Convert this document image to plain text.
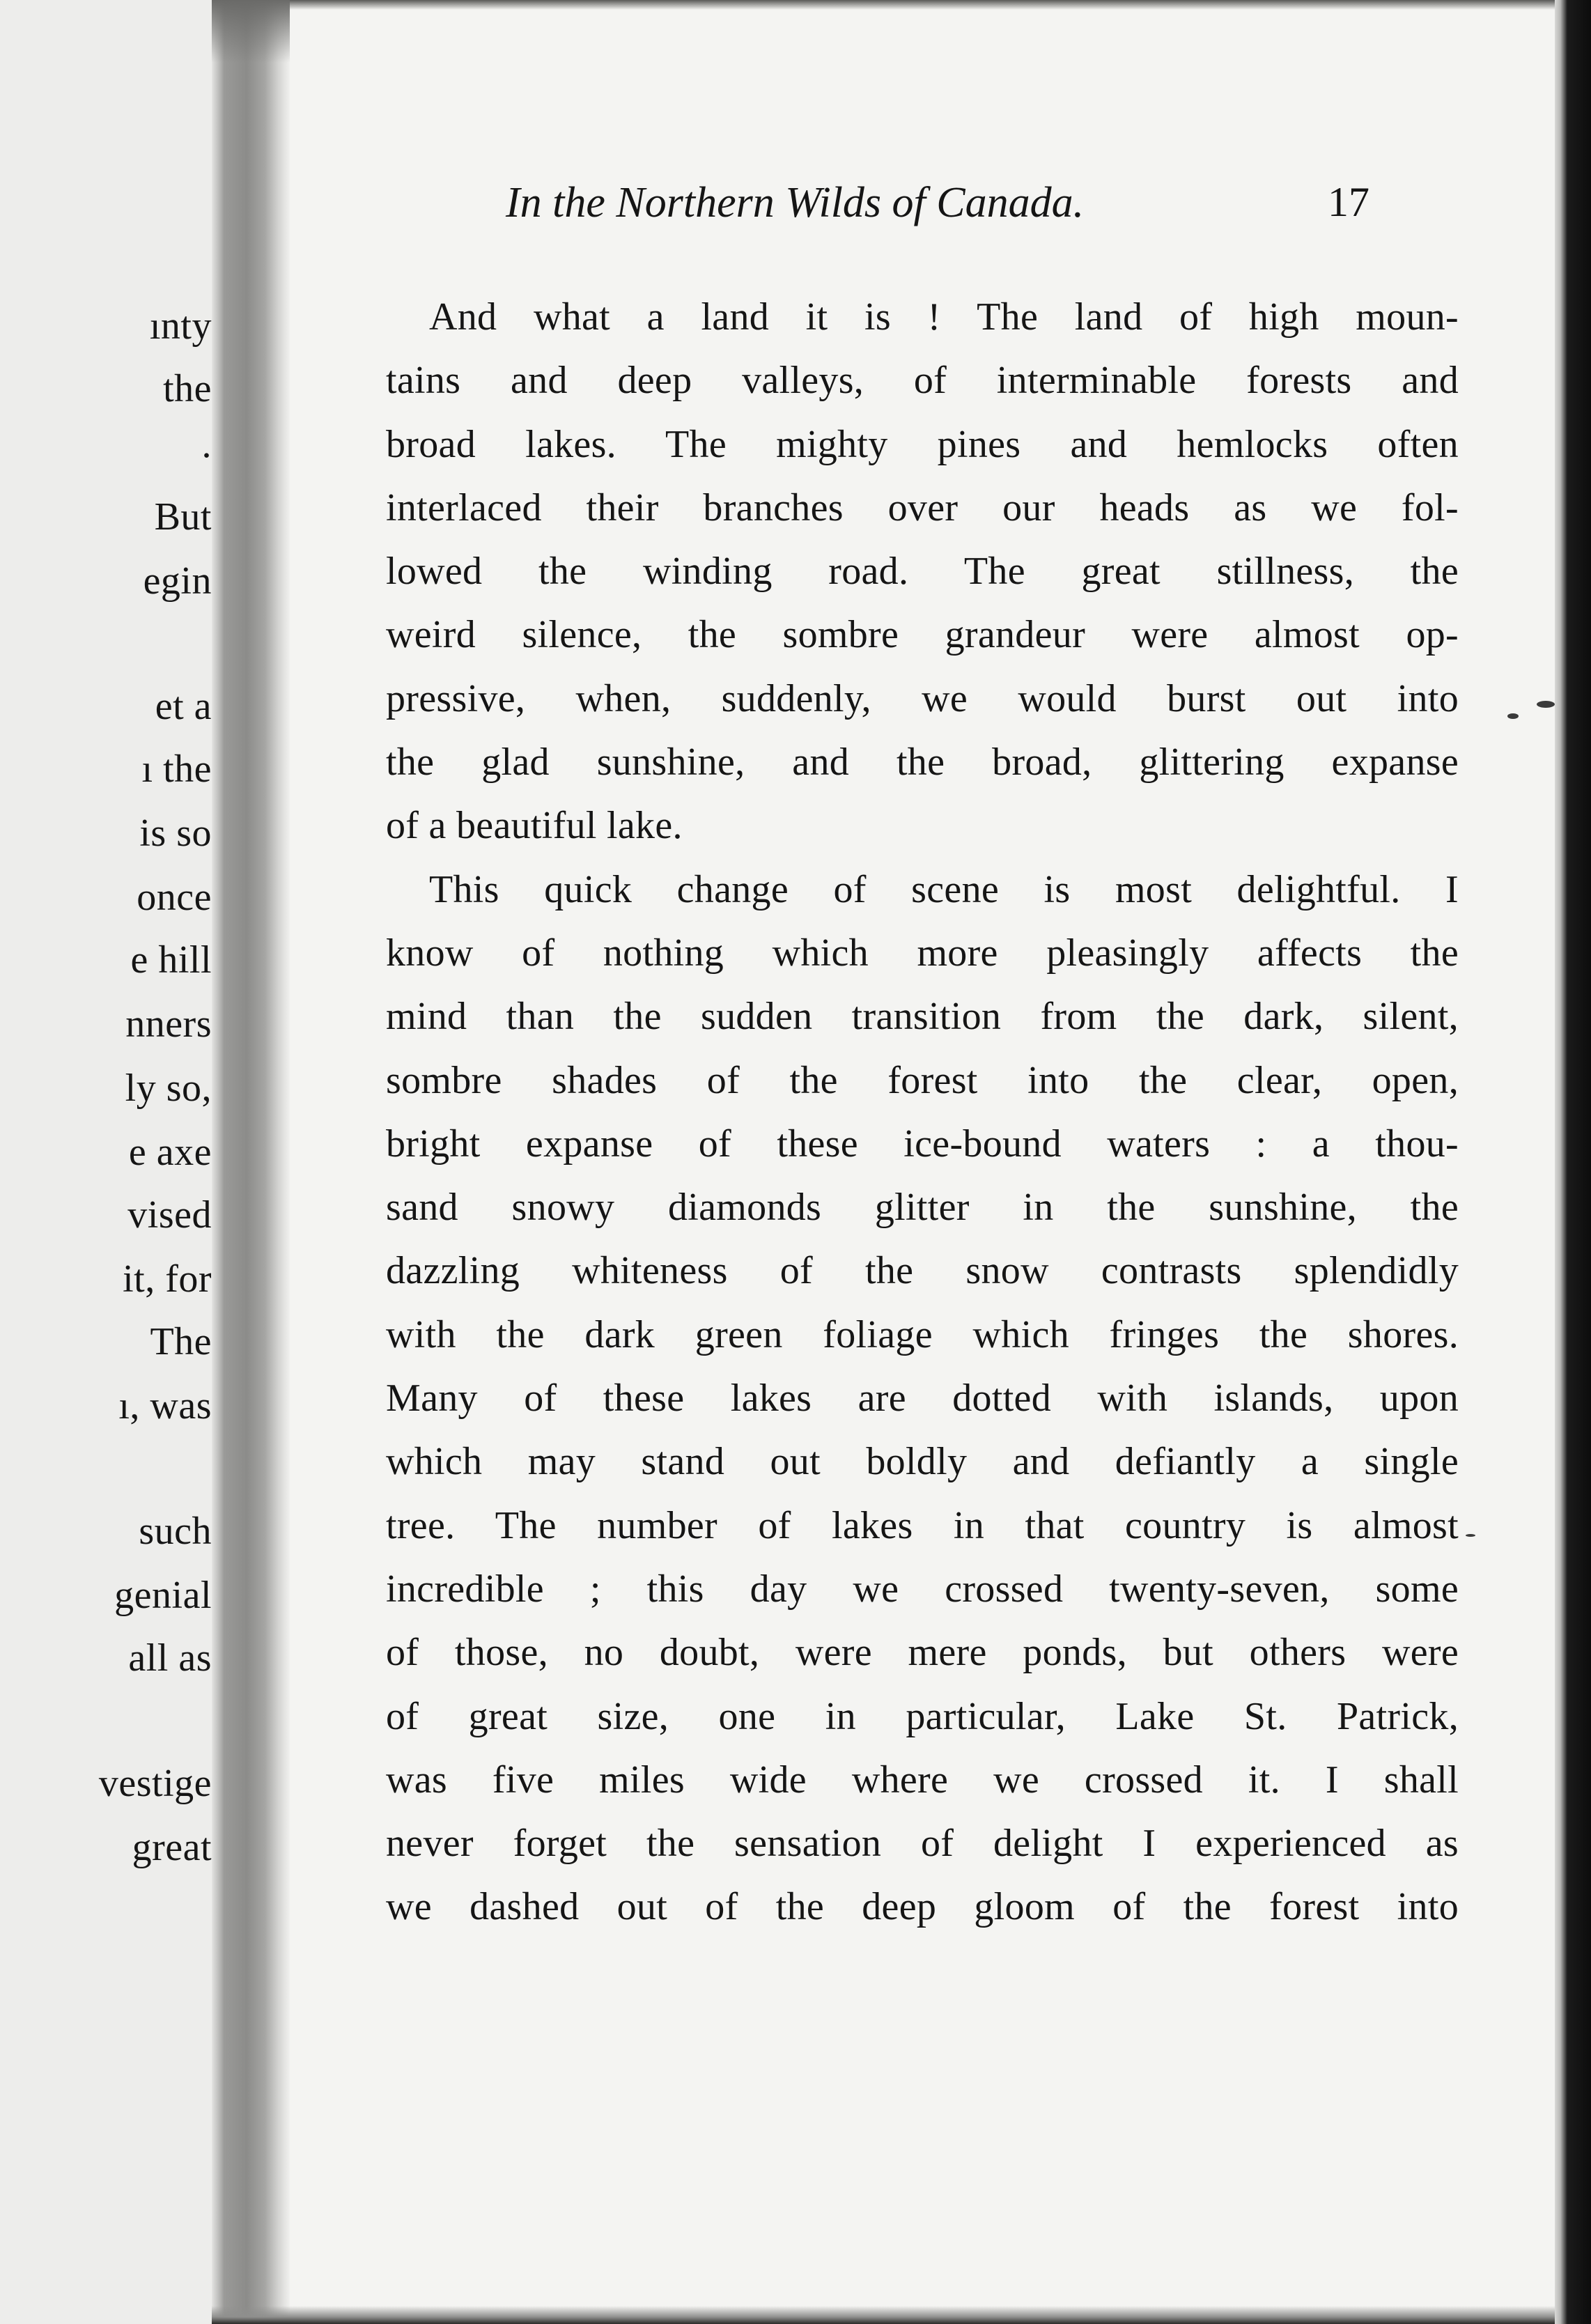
ınty
the
.
But
egin
et a
ı the
is so
once
e hill
nners
ly so,
e axe
vised
it, for
The
ı, was
such
genial
all as
vestige
great
In the Northern Wilds of Canada.	17
And what a land it is ! The land of high moun-
tains and deep valleys, of interminable forests and
broad lakes. The mighty pines and hemlocks often
interlaced their branches over our heads as we fol-
lowed the winding road. The great stillness, the
weird silence, the sombre grandeur were almost op-
pressive, when, suddenly, we would burst out into
the glad sunshine, and the broad, glittering expanse
of a beautiful lake.
This quick change of scene is most delightful. I
know of nothing which more pleasingly affects the
mind than the sudden transition from the dark, silent,
sombre shades of the forest into the clear, open,
bright expanse of these ice-bound waters : a thou-
sand snowy diamonds glitter in the sunshine, the
dazzling whiteness of the snow contrasts splendidly
with the dark green foliage which fringes the shores.
Many of these lakes are dotted with islands, upon
which may stand out boldly and defiantly a single
tree. The number of lakes in that country is almost
incredible ; this day we crossed twenty-seven, some
of those, no doubt, were mere ponds, but others were
of great size, one in particular, Lake St. Patrick,
was five miles wide where we crossed it. I shall
never forget the sensation of delight I experienced as
we dashed out of the deep gloom of the forest into
